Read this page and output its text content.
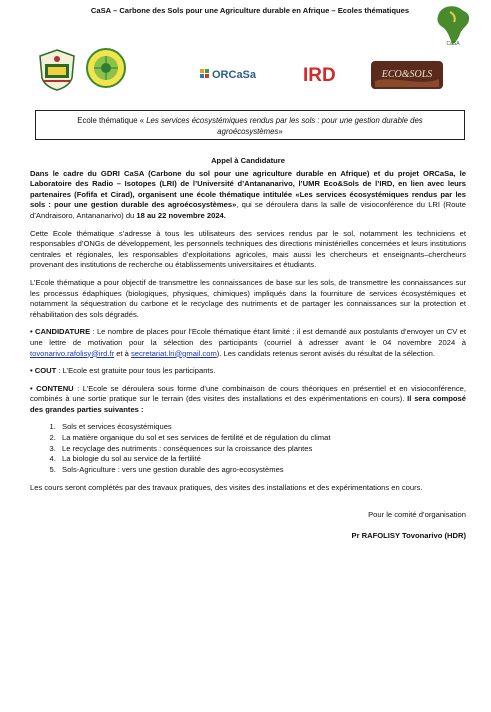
CaSA – Carbone des Sols pour une Agriculture durable en Afrique – Ecoles thématiques
CaSA
ORCaSa IRD	ECO&SOLS
Ecole thématique « Les services écosystémiques rendus par les sols : pour une gestion durable des agroécosystèmes»
Appel à Candidature

Dans le cadre du GDRI CaSA (Carbone du sol pour une agriculture durable en Afrique) et du projet ORCaSa, le Laboratoire des Radio – Isotopes (LRI) de l’Université d’Antananarivo, l’UMR Eco&Sols de l’IRD, en lien avec leurs partenaires (Fofifa et Cirad), organisent une école thématique intitulée «Les services écosystémiques rendus par les sols : pour une gestion durable des agroécosystèmes», qui se déroulera dans la salle de visioconférence du LRI (Route d’Andraisoro, Antananarivo) du 18 au 22 novembre 2024.

Cette Ecole thématique s’adresse à tous les utilisateurs des services rendus par le sol, notamment les techniciens et responsables d’ONGs de développement, les personnels techniques des directions ministérielles concernées et leurs institutions centrales et régionales, les responsables d’exploitations agricoles, mais aussi les chercheurs et enseignants–chercheurs provenant des institutions de recherche ou établissements universitaires et étudiants.

L’Ecole thématique a pour objectif de transmettre les connaissances de base sur les sols, de transmettre les connaissances sur les processus édaphiques (biologiques, physiques, chimiques) impliqués dans la fourniture de services écosystémiques et notamment la séquestration du carbone et le recyclage des nutriments et de partager les connaissances sur la protection et réhabilitation des sols dégradés.

• CANDIDATURE : Le nombre de places pour l’Ecole thématique étant limité : il est demandé aux postulants d’envoyer un CV et une lettre de motivation pour la sélection des participants (courriel à adresser avant le 04 novembre 2024 à tovonarivo.rafolisy@ird.fr et à secretariat.lri@gmail.com). Les candidats retenus seront avisés du résultat de la sélection.

• COUT : L’Ecole est gratuite pour tous les participants.

• CONTENU : L’Ecole se déroulera sous forme d’une combinaison de cours théoriques en présentiel et en visioconférence, combinés à une sortie pratique sur le terrain (des visites des installations et des expérimentations en cours). Il sera composé des grandes parties suivantes :

1. Sols et services écosystémiques
2. La matière organique du sol et ses services de fertilité et de régulation du climat
3. Le recyclage des nutriments : conséquences sur la croissance des plantes
4. La biologie du sol au service de la fertilité
5. Sols-Agriculture : vers une gestion durable des agro-ecosystèmes

Les cours seront complétés par des travaux pratiques, des visites des installations et des expérimentations en cours.

Pour le comité d’organisation

Pr RAFOLISY Tovonarivo (HDR)
